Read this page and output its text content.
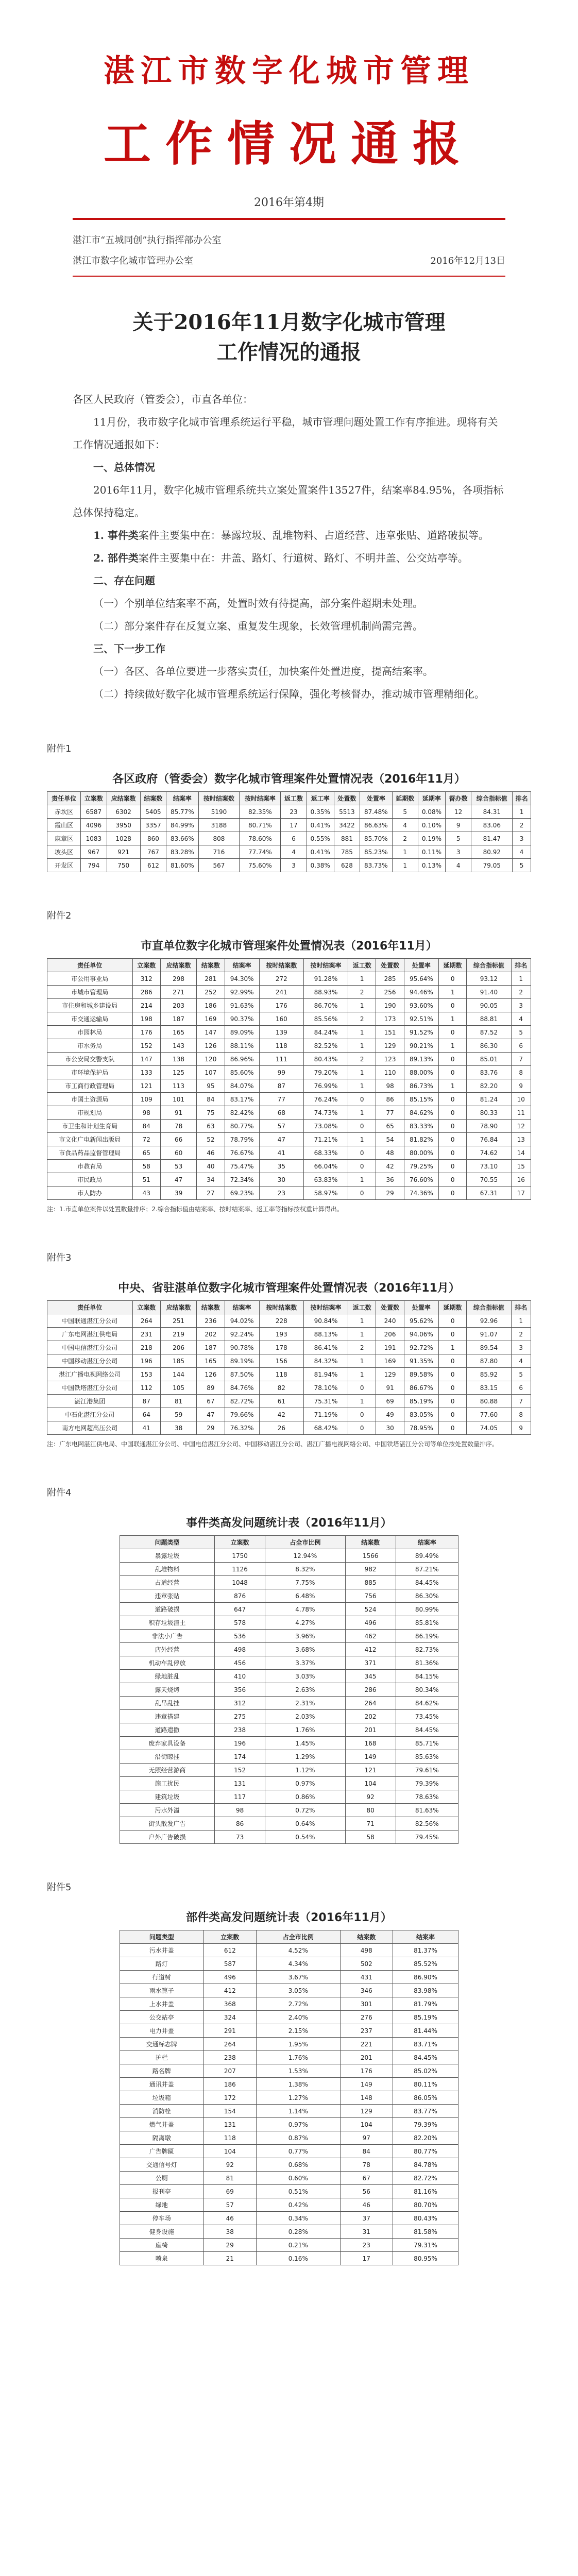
湛江市数字化城市管理
工作情况通报
2016年第4期
湛江市“五城同创”执行指挥部办公室
湛江市数字化城市管理办公室	2016年12月13日
关于2016年11月数字化城市管理
工作情况的通报

各区人民政府（管委会），市直各单位：

11月份，我市数字化城市管理系统运行平稳，城市管理问题处置工作有序推进。现将有关工作情况通报如下：

一、总体情况

2016年11月，数字化城市管理系统共立案处置案件13527件，结案率84.95%，各项指标总体保持稳定。

1. 事件类案件主要集中在：暴露垃圾、乱堆物料、占道经营、违章张贴、道路破损等。

2. 部件类案件主要集中在：井盖、路灯、行道树、路灯、不明井盖、公交站亭等。

二、存在问题

（一）个别单位结案率不高，处置时效有待提高，部分案件超期未处理。

（二）部分案件存在反复立案、重复发生现象，长效管理机制尚需完善。

三、下一步工作

（一）各区、各单位要进一步落实责任，加快案件处置进度，提高结案率。

（二）持续做好数字化城市管理系统运行保障，强化考核督办，推动城市管理精细化。

附件1
各区政府（管委会）数字化城市管理案件处置情况表（2016年11月）
责任单位	立案数	应结案数	结案数	结案率	按时结案数	按时结案率	返工数	返工率	处置数	处置率	延期数	延期率	督办数	综合指标值	排名
赤坎区	6587	6302	5405	85.77%	5190	82.35%	23	0.35%	5513	87.48%	5	0.08%	12	84.31	1
霞山区	4096	3950	3357	84.99%	3188	80.71%	17	0.41%	3422	86.63%	4	0.10%	9	83.06	2
麻章区	1083	1028	860	83.66%	808	78.60%	6	0.55%	881	85.70%	2	0.19%	5	81.47	3
坡头区	967	921	767	83.28%	716	77.74%	4	0.41%	785	85.23%	1	0.11%	3	80.92	4
开发区	794	750	612	81.60%	567	75.60%	3	0.38%	628	83.73%	1	0.13%	4	79.05	5
附件2
市直单位数字化城市管理案件处置情况表（2016年11月）
责任单位	立案数	应结案数	结案数	结案率	按时结案数	按时结案率	返工数	处置数	处置率	延期数	综合指标值	排名
市公用事业局	312	298	281	94.30%	272	91.28%	1	285	95.64%	0	93.12	1
市城市管理局	286	271	252	92.99%	241	88.93%	2	256	94.46%	1	91.40	2
市住房和城乡建设局	214	203	186	91.63%	176	86.70%	1	190	93.60%	0	90.05	3
市交通运输局	198	187	169	90.37%	160	85.56%	2	173	92.51%	1	88.81	4
市园林局	176	165	147	89.09%	139	84.24%	1	151	91.52%	0	87.52	5
市水务局	152	143	126	88.11%	118	82.52%	1	129	90.21%	1	86.30	6
市公安局交警支队	147	138	120	86.96%	111	80.43%	2	123	89.13%	0	85.01	7
市环境保护局	133	125	107	85.60%	99	79.20%	1	110	88.00%	0	83.76	8
市工商行政管理局	121	113	95	84.07%	87	76.99%	1	98	86.73%	1	82.20	9
市国土资源局	109	101	84	83.17%	77	76.24%	0	86	85.15%	0	81.24	10
市规划局	98	91	75	82.42%	68	74.73%	1	77	84.62%	0	80.33	11
市卫生和计划生育局	84	78	63	80.77%	57	73.08%	0	65	83.33%	0	78.90	12
市文化广电新闻出版局	72	66	52	78.79%	47	71.21%	1	54	81.82%	0	76.84	13
市食品药品监督管理局	65	60	46	76.67%	41	68.33%	0	48	80.00%	0	74.62	14
市教育局	58	53	40	75.47%	35	66.04%	0	42	79.25%	0	73.10	15
市民政局	51	47	34	72.34%	30	63.83%	1	36	76.60%	0	70.55	16
市人防办	43	39	27	69.23%	23	58.97%	0	29	74.36%	0	67.31	17
注：1.市直单位案件以处置数量排序；2.综合指标值由结案率、按时结案率、返工率等指标按权重计算得出。
附件3
中央、省驻湛单位数字化城市管理案件处置情况表（2016年11月）
责任单位	立案数	应结案数	结案数	结案率	按时结案数	按时结案率	返工数	处置数	处置率	延期数	综合指标值	排名
中国联通湛江分公司	264	251	236	94.02%	228	90.84%	1	240	95.62%	0	92.96	1
广东电网湛江供电局	231	219	202	92.24%	193	88.13%	1	206	94.06%	0	91.07	2
中国电信湛江分公司	218	206	187	90.78%	178	86.41%	2	191	92.72%	1	89.54	3
中国移动湛江分公司	196	185	165	89.19%	156	84.32%	1	169	91.35%	0	87.80	4
湛江广播电视网络公司	153	144	126	87.50%	118	81.94%	1	129	89.58%	0	85.92	5
中国铁塔湛江分公司	112	105	89	84.76%	82	78.10%	0	91	86.67%	0	83.15	6
湛江港集团	87	81	67	82.72%	61	75.31%	1	69	85.19%	0	80.88	7
中石化湛江分公司	64	59	47	79.66%	42	71.19%	0	49	83.05%	0	77.60	8
南方电网超高压公司	41	38	29	76.32%	26	68.42%	0	30	78.95%	0	74.05	9
注：广东电网湛江供电局、中国联通湛江分公司、中国电信湛江分公司、中国移动湛江分公司、湛江广播电视网络公司、中国铁塔湛江分公司等单位按处置数量排序。
附件4
事件类高发问题统计表（2016年11月）
问题类型	立案数	占全市比例	结案数	结案率
暴露垃圾	1750	12.94%	1566	89.49%
乱堆物料	1126	8.32%	982	87.21%
占道经营	1048	7.75%	885	84.45%
违章张贴	876	6.48%	756	86.30%
道路破损	647	4.78%	524	80.99%
积存垃圾渣土	578	4.27%	496	85.81%
非法小广告	536	3.96%	462	86.19%
店外经营	498	3.68%	412	82.73%
机动车乱停放	456	3.37%	371	81.36%
绿地脏乱	410	3.03%	345	84.15%
露天烧烤	356	2.63%	286	80.34%
乱吊乱挂	312	2.31%	264	84.62%
违章搭建	275	2.03%	202	73.45%
道路遗撒	238	1.76%	201	84.45%
废弃家具设备	196	1.45%	168	85.71%
沿街晾挂	174	1.29%	149	85.63%
无照经营游商	152	1.12%	121	79.61%
施工扰民	131	0.97%	104	79.39%
建筑垃圾	117	0.86%	92	78.63%
污水外溢	98	0.72%	80	81.63%
街头散发广告	86	0.64%	71	82.56%
户外广告破损	73	0.54%	58	79.45%
附件5
部件类高发问题统计表（2016年11月）
问题类型	立案数	占全市比例	结案数	结案率
污水井盖	612	4.52%	498	81.37%
路灯	587	4.34%	502	85.52%
行道树	496	3.67%	431	86.90%
雨水篦子	412	3.05%	346	83.98%
上水井盖	368	2.72%	301	81.79%
公交站亭	324	2.40%	276	85.19%
电力井盖	291	2.15%	237	81.44%
交通标志牌	264	1.95%	221	83.71%
护栏	238	1.76%	201	84.45%
路名牌	207	1.53%	176	85.02%
通讯井盖	186	1.38%	149	80.11%
垃圾箱	172	1.27%	148	86.05%
消防栓	154	1.14%	129	83.77%
燃气井盖	131	0.97%	104	79.39%
隔离墩	118	0.87%	97	82.20%
广告牌匾	104	0.77%	84	80.77%
交通信号灯	92	0.68%	78	84.78%
公厕	81	0.60%	67	82.72%
报刊亭	69	0.51%	56	81.16%
绿地	57	0.42%	46	80.70%
停车场	46	0.34%	37	80.43%
健身设施	38	0.28%	31	81.58%
座椅	29	0.21%	23	79.31%
喷泉	21	0.16%	17	80.95%
